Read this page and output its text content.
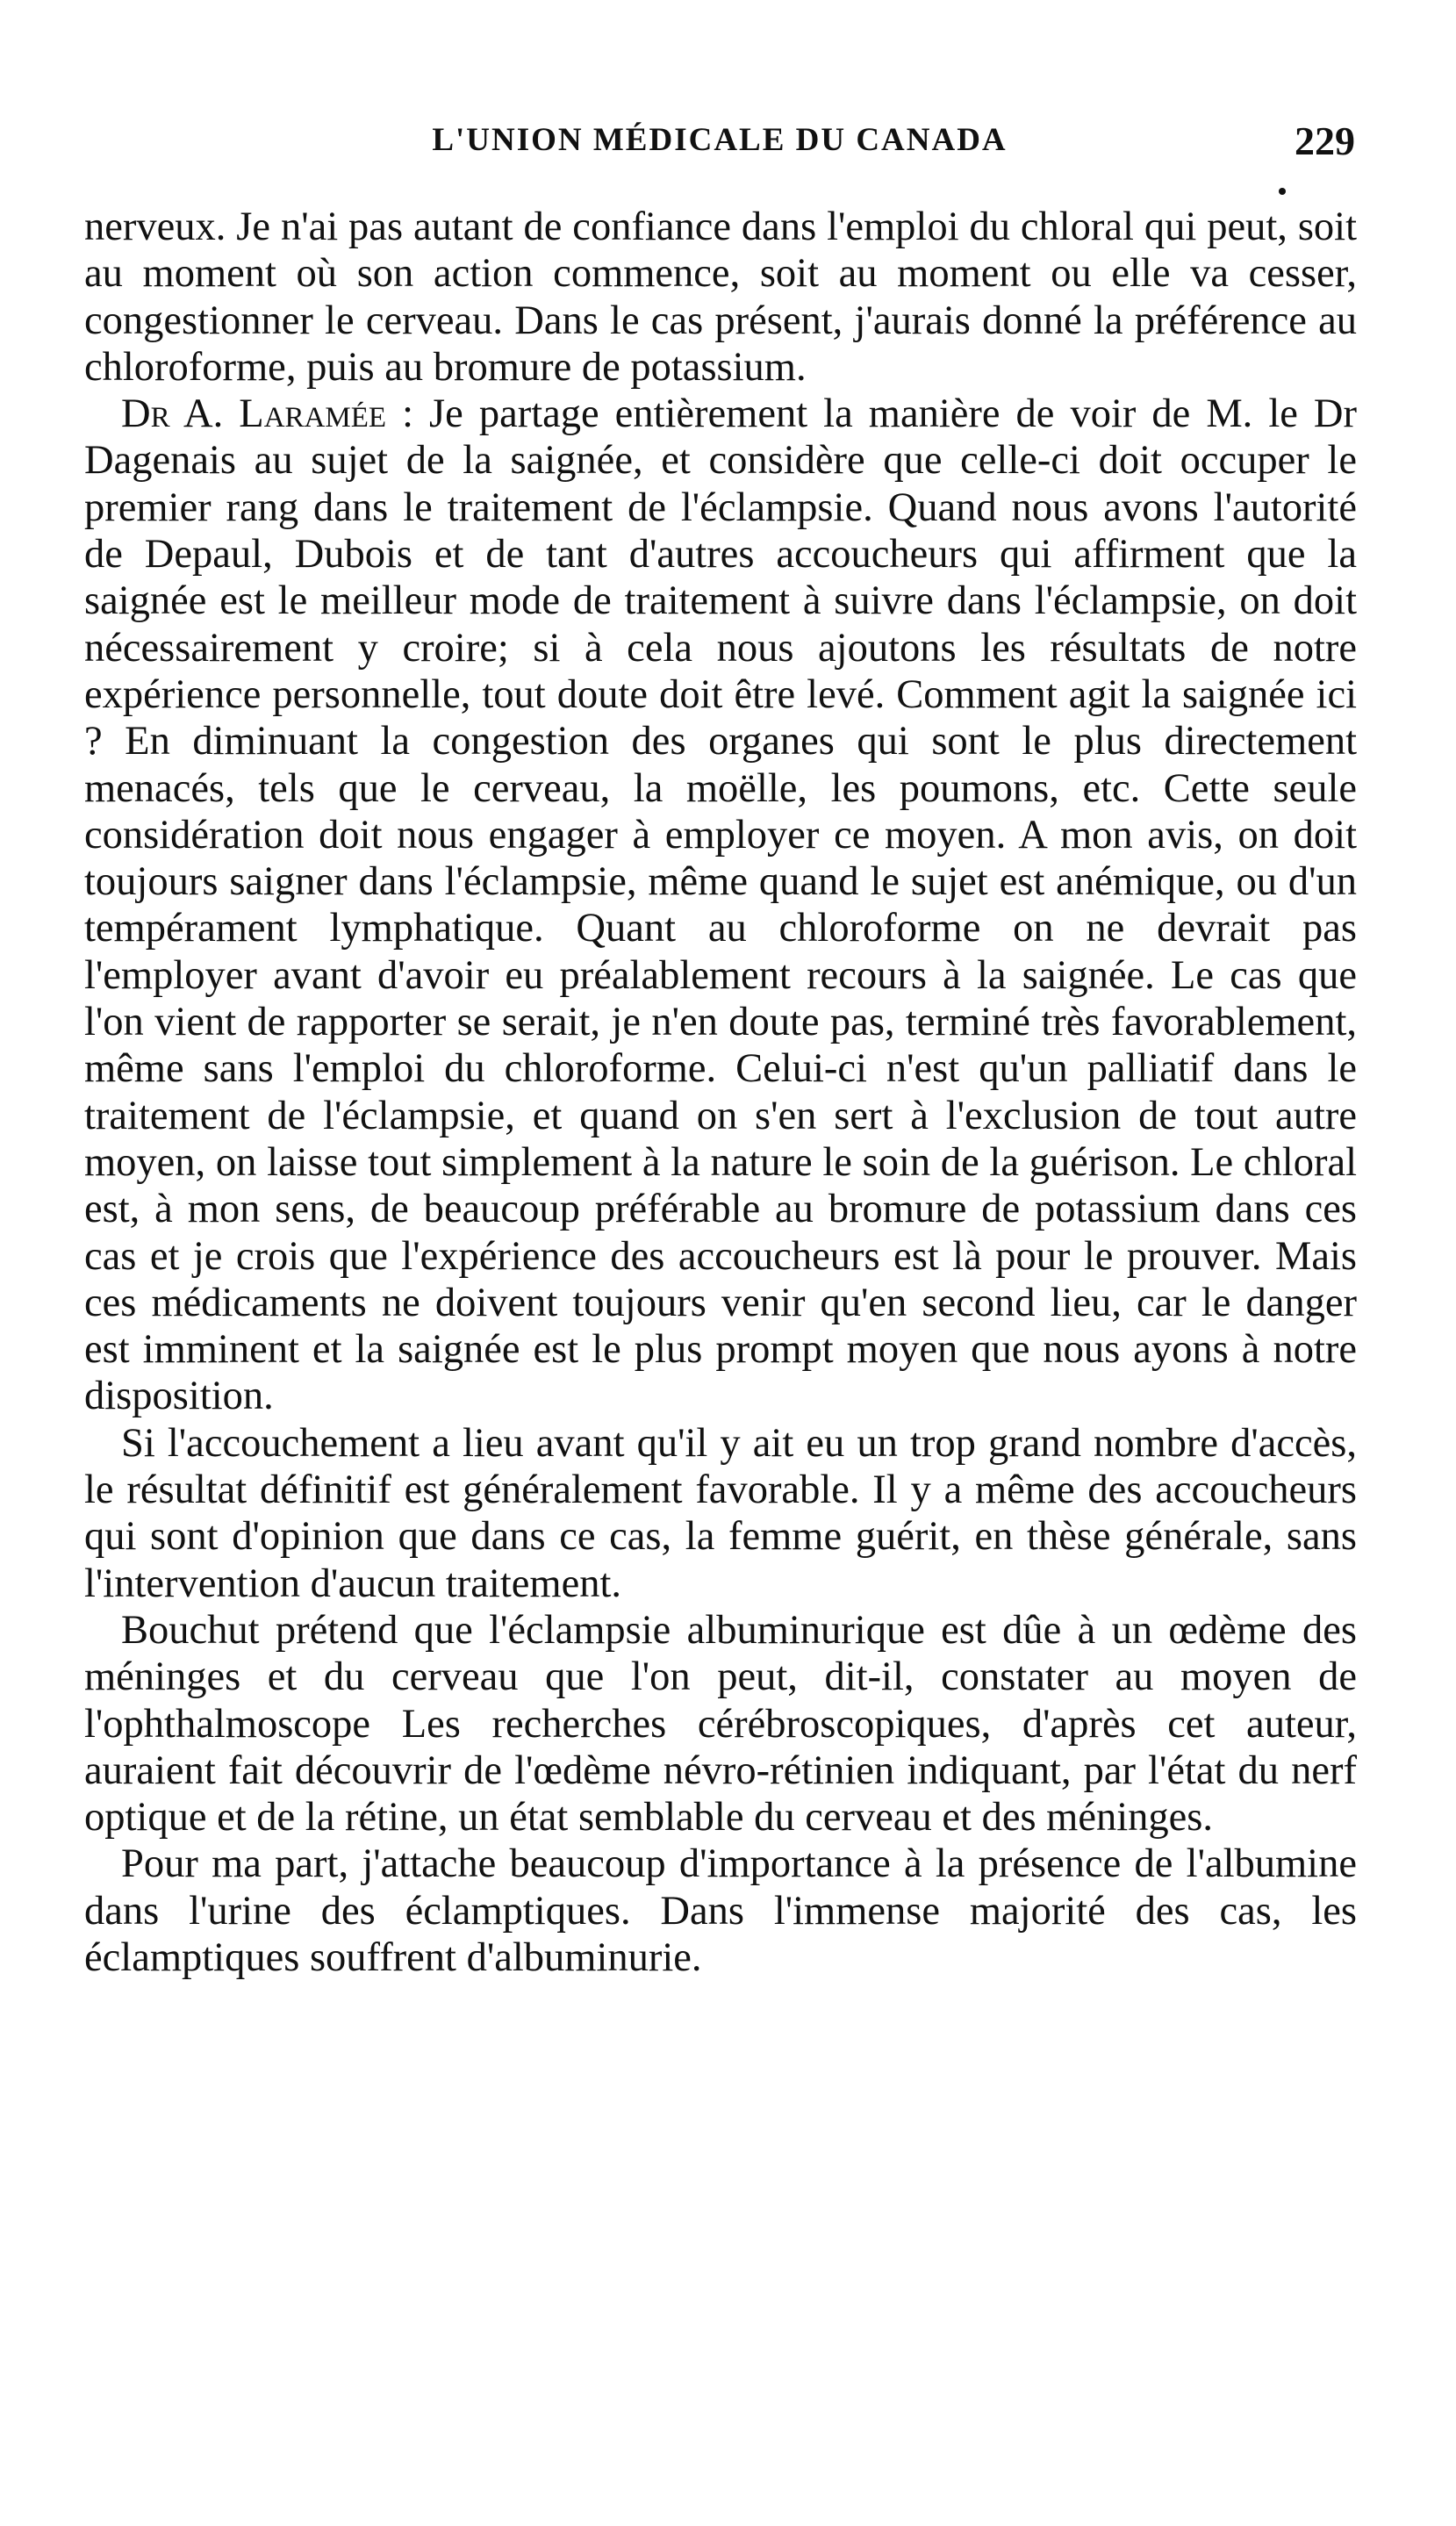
L'UNION MÉDICALE DU CANADA	229

nerveux. Je n'ai pas autant de confiance dans l'emploi du chloral qui peut, soit au moment où son action commence, soit au moment ou elle va cesser, congestionner le cerveau. Dans le cas présent, j'aurais donné la préférence au chloroforme, puis au bromure de potassium.

Dr A. Laramée : Je partage entièrement la manière de voir de M. le Dr Dagenais au sujet de la saignée, et considère que celle-ci doit occuper le premier rang dans le traitement de l'éclampsie. Quand nous avons l'autorité de Depaul, Dubois et de tant d'autres accoucheurs qui affirment que la saignée est le meilleur mode de traitement à suivre dans l'éclampsie, on doit nécessairement y croire; si à cela nous ajoutons les résultats de notre expérience personnelle, tout doute doit être levé. Comment agit la saignée ici ? En diminuant la congestion des organes qui sont le plus directement menacés, tels que le cerveau, la moëlle, les poumons, etc. Cette seule considération doit nous engager à employer ce moyen. A mon avis, on doit toujours saigner dans l'éclampsie, même quand le sujet est anémique, ou d'un tempérament lymphatique. Quant au chloroforme on ne devrait pas l'employer avant d'avoir eu préalablement recours à la saignée. Le cas que l'on vient de rapporter se serait, je n'en doute pas, terminé très favorablement, même sans l'emploi du chloroforme. Celui-ci n'est qu'un palliatif dans le traitement de l'éclampsie, et quand on s'en sert à l'exclusion de tout autre moyen, on laisse tout simplement à la nature le soin de la guérison. Le chloral est, à mon sens, de beaucoup préférable au bromure de potassium dans ces cas et je crois que l'expérience des accoucheurs est là pour le prouver. Mais ces médicaments ne doivent toujours venir qu'en second lieu, car le danger est imminent et la saignée est le plus prompt moyen que nous ayons à notre disposition.

Si l'accouchement a lieu avant qu'il y ait eu un trop grand nombre d'accès, le résultat définitif est généralement favorable. Il y a même des accoucheurs qui sont d'opinion que dans ce cas, la femme guérit, en thèse générale, sans l'intervention d'aucun traitement.

Bouchut prétend que l'éclampsie albuminurique est dûe à un œdème des méninges et du cerveau que l'on peut, dit-il, constater au moyen de l'ophthalmoscope Les recherches cérébroscopiques, d'après cet auteur, auraient fait découvrir de l'œdème névro-rétinien indiquant, par l'état du nerf optique et de la rétine, un état semblable du cerveau et des méninges.

Pour ma part, j'attache beaucoup d'importance à la présence de l'albumine dans l'urine des éclamptiques. Dans l'immense majorité des cas, les éclamptiques souffrent d'albuminurie.
